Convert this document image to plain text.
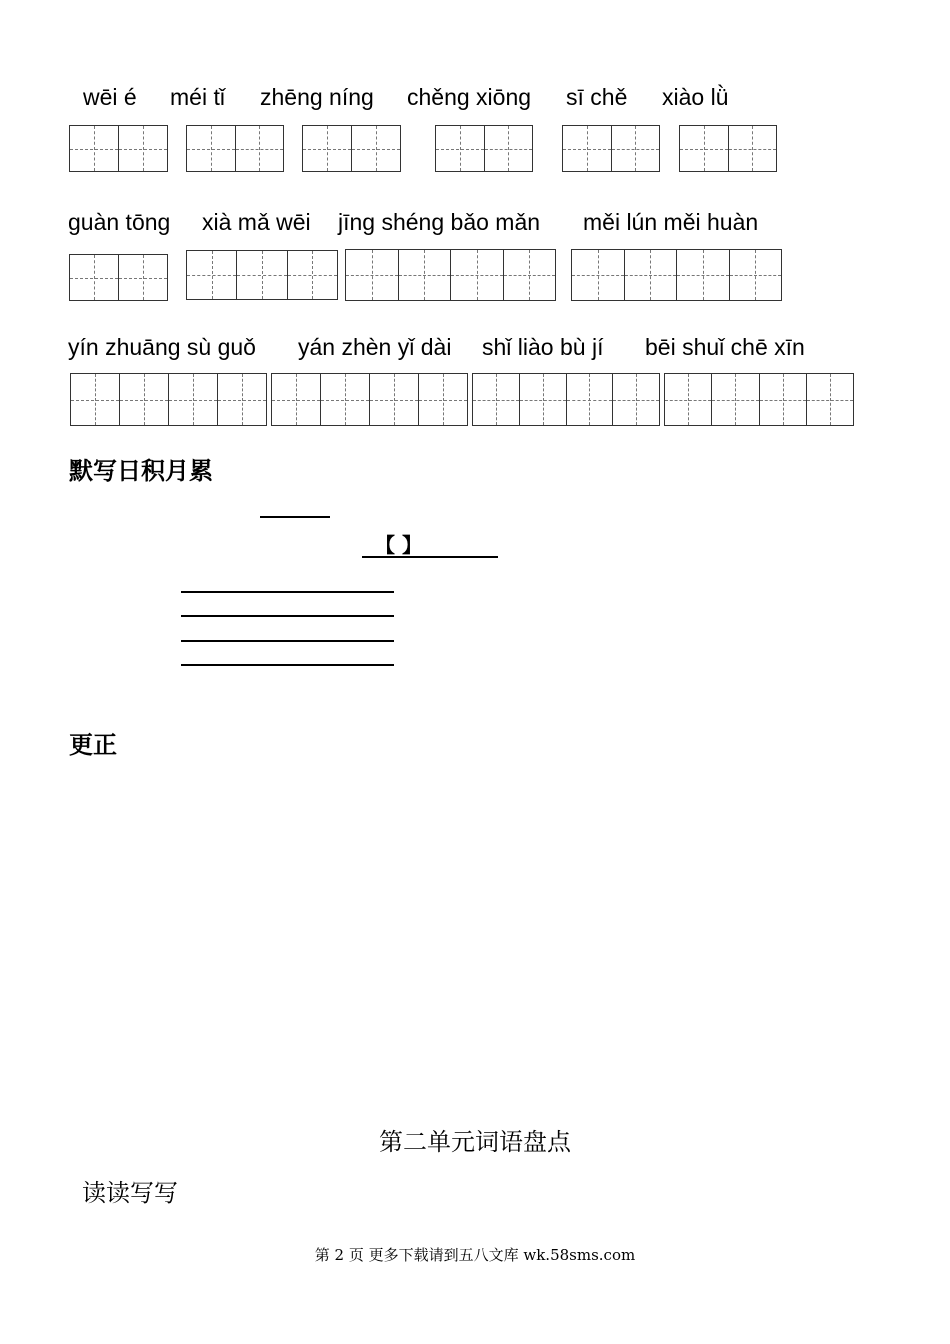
wēi é méi tǐ zhēng níng chěng xiōng sī chě xiào lǜ
guàn tōng xià mǎ wēi jīng shéng bǎo mǎn měi lún měi huàn
yín zhuāng sù guǒ yán zhèn yǐ dài shǐ liào bù jí bēi shuǐ chē xīn
默写日积月累
【 】
更正
第二单元词语盘点
读读写写
第 2 页 更多下载请到五八文库 wk.58sms.com
